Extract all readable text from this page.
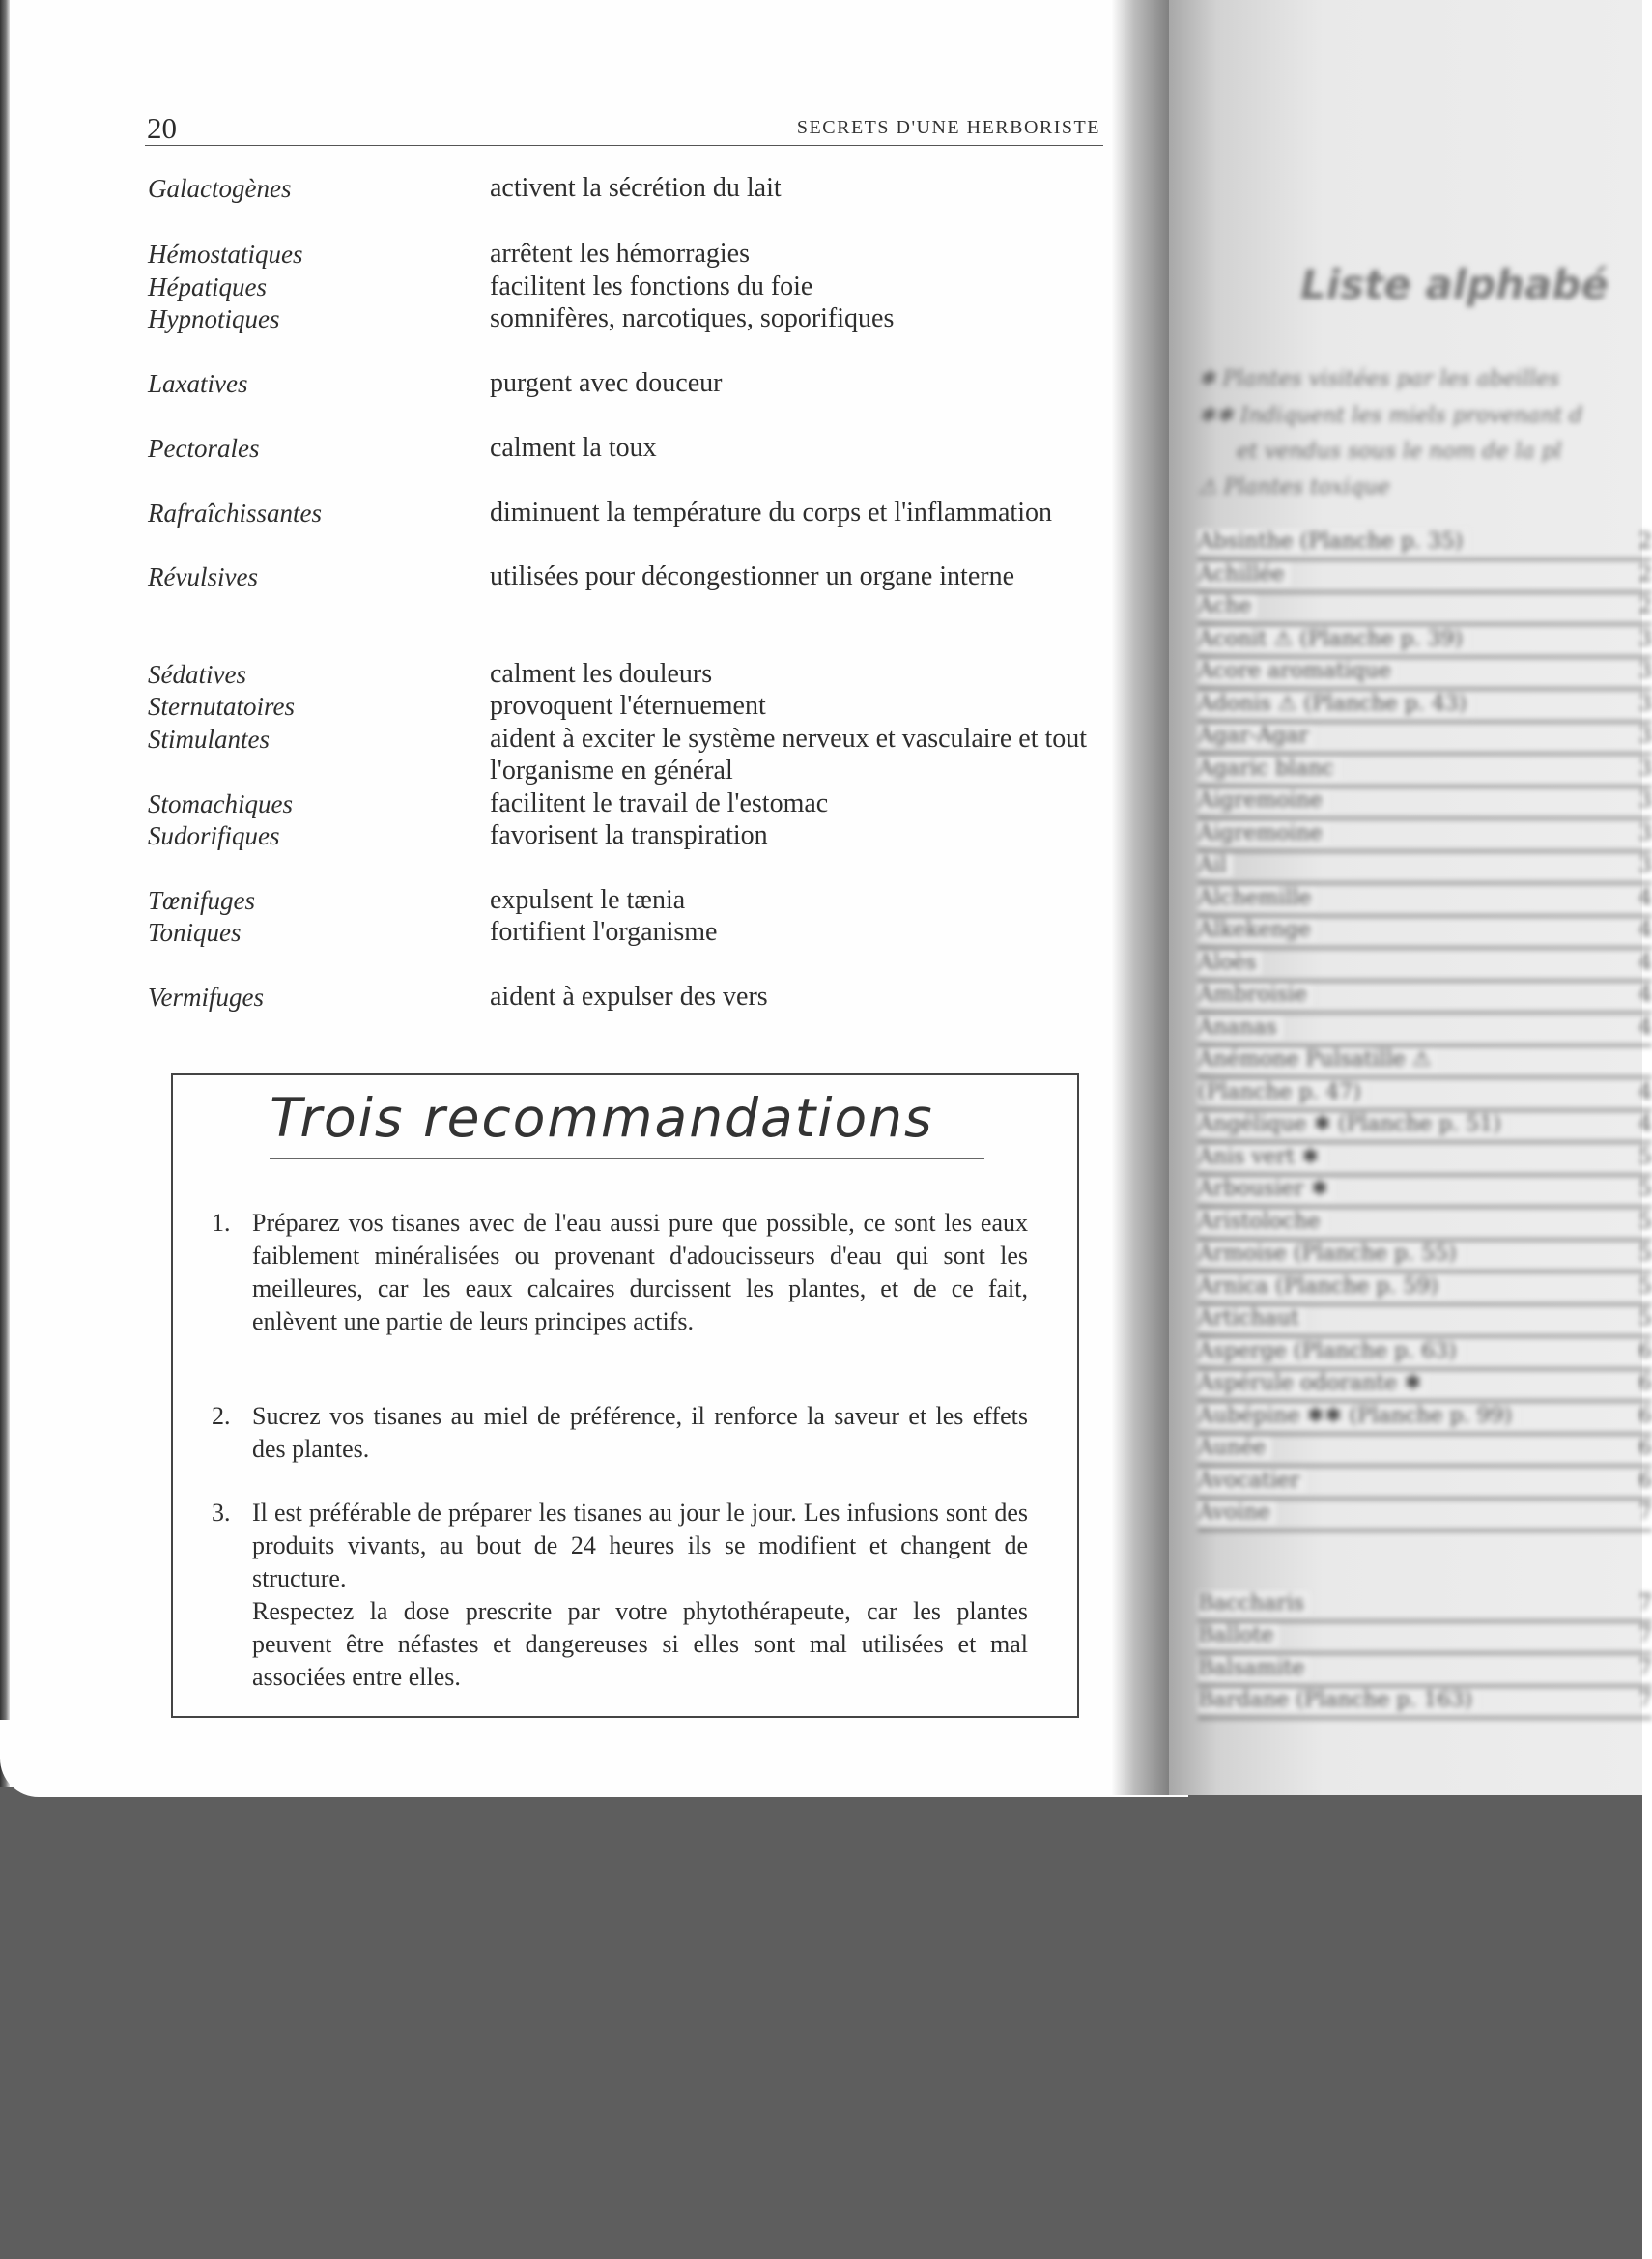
Liste alphabé
✱ Plantes visitées par les abeilles
✱✱ Indiquent les miels provenant d
et vendus sous le nom de la pl
⚠ Plantes toxique
Absinthe (Planche p. 35)	2
Achillée	2
Ache	2
Aconit ⚠ (Planche p. 39)	3
Acore aromatique	3
Adonis ⚠ (Planche p. 43)	3
Agar-Agar	3
Agaric blanc	3
Aigremoine	3
Aigremoine	3
Ail	3
Alchemille	4
Alkekenge	4
Aloès	4
Ambroisie	4
Ananas	4
Anémone Pulsatille ⚠
(Planche p. 47)	4
Angélique ✱ (Planche p. 51)	4
Anis vert ✱	5
Arbousier ✱	5
Aristoloche	5
Armoise (Planche p. 55)	5
Arnica (Planche p. 59)	5
Artichaut	5
Asperge (Planche p. 63)	6
Aspérule odorante ✱	6
Aubépine ✱✱ (Planche p. 99)	6
Aunée	6
Avocatier	6
Avoine	7
Baccharis	7
Ballote	7
Balsamite	7
Bardane (Planche p. 163)	7
20	SECRETS D'UNE HERBORISTE
Galactogènes	activent la sécrétion du lait
Hémostatiques	arrêtent les hémorragies
Hépatiques	facilitent les fonctions du foie
Hypnotiques	somnifères, narcotiques, soporifiques
Laxatives	purgent avec douceur
Pectorales	calment la toux
Rafraîchissantes	diminuent la température du corps et l'inflammation
Révulsives	utilisées pour décongestionner un organe interne
Sédatives	calment les douleurs
Sternutatoires	provoquent l'éternuement
Stimulantes	aident à exciter le système nerveux et vasculaire et tout l'organisme en général
Stomachiques	facilitent le travail de l'estomac
Sudorifiques	favorisent la transpiration
Tœnifuges	expulsent le tænia
Toniques	fortifient l'organisme
Vermifuges	aident à expulser des vers
Trois recommandations
1. Préparez vos tisanes avec de l'eau aussi pure que possible, ce sont les eaux faiblement minéralisées ou provenant d'adoucisseurs d'eau qui sont les meilleures, car les eaux calcaires durcissent les plantes, et de ce fait, enlèvent une partie de leurs principes actifs.

2. Sucrez vos tisanes au miel de préférence, il renforce la saveur et les effets des plantes.

3. Il est préférable de préparer les tisanes au jour le jour. Les infusions sont des produits vivants, au bout de 24 heures ils se modifient et changent de structure.

Respectez la dose prescrite par votre phytothérapeute, car les plantes peuvent être néfastes et dangereuses si elles sont mal utilisées et mal associées entre elles.
